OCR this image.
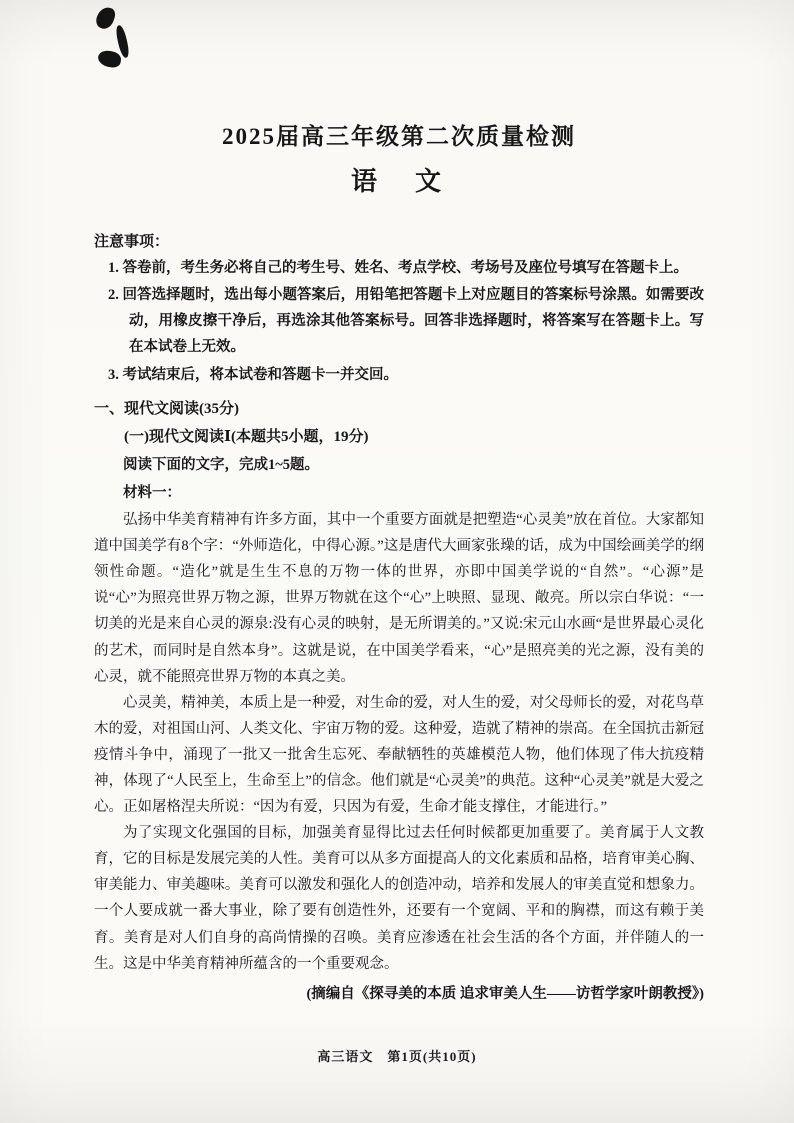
2025届高三年级第二次质量检测
语　文
注意事项：
1. 答卷前，考生务必将自己的考生号、姓名、考点学校、考场号及座位号填写在答题卡上。
2. 回答选择题时，选出每小题答案后，用铅笔把答题卡上对应题目的答案标号涂黑。如需要改动，用橡皮擦干净后，再选涂其他答案标号。回答非选择题时，将答案写在答题卡上。写在本试卷上无效。
3. 考试结束后，将本试卷和答题卡一并交回。
一、现代文阅读(35分)
(一)现代文阅读Ⅰ(本题共5小题，19分)
阅读下面的文字，完成1~5题。
材料一：
弘扬中华美育精神有许多方面，其中一个重要方面就是把塑造“心灵美”放在首位。大家都知道中国美学有8个字：“外师造化，中得心源。”这是唐代大画家张璪的话，成为中国绘画美学的纲领性命题。“造化”就是生生不息的万物一体的世界，亦即中国美学说的“自然”。“心源”是说“心”为照亮世界万物之源，世界万物就在这个“心”上映照、显现、敞亮。所以宗白华说：“一切美的光是来自心灵的源泉:没有心灵的映射，是无所谓美的。”又说:宋元山水画“是世界最心灵化的艺术，而同时是自然本身”。这就是说，在中国美学看来，“心”是照亮美的光之源，没有美的心灵，就不能照亮世界万物的本真之美。
心灵美，精神美，本质上是一种爱，对生命的爱，对人生的爱，对父母师长的爱，对花鸟草木的爱，对祖国山河、人类文化、宇宙万物的爱。这种爱，造就了精神的崇高。在全国抗击新冠疫情斗争中，涌现了一批又一批舍生忘死、奉献牺牲的英雄模范人物，他们体现了伟大抗疫精神，体现了“人民至上，生命至上”的信念。他们就是“心灵美”的典范。这种“心灵美”就是大爱之心。正如屠格涅夫所说：“因为有爱，只因为有爱，生命才能支撑住，才能进行。”
为了实现文化强国的目标，加强美育显得比过去任何时候都更加重要了。美育属于人文教育，它的目标是发展完美的人性。美育可以从多方面提高人的文化素质和品格，培育审美心胸、审美能力、审美趣味。美育可以激发和强化人的创造冲动，培养和发展人的审美直觉和想象力。一个人要成就一番大事业，除了要有创造性外，还要有一个宽阔、平和的胸襟，而这有赖于美育。美育是对人们自身的高尚情操的召唤。美育应渗透在社会生活的各个方面，并伴随人的一生。这是中华美育精神所蕴含的一个重要观念。
(摘编自《探寻美的本质 追求审美人生——访哲学家叶朗教授》)
高三语文　第1页(共10页)
